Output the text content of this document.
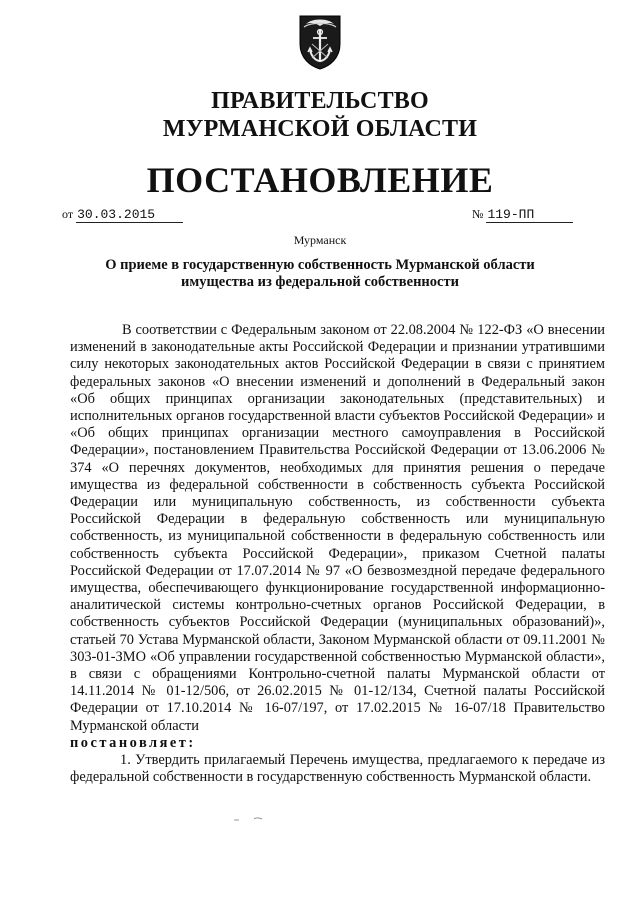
ПРАВИТЕЛЬСТВО
МУРМАНСКОЙ ОБЛАСТИ
ПОСТАНОВЛЕНИЕ
от 30.03.2015	№ 119-ПП
Мурманск
О приеме в государственную собственность Мурманской области имущества из федеральной собственности

В соответствии с Федеральным законом от 22.08.2004 № 122-ФЗ «О внесении изменений в законодательные акты Российской Федерации и признании утратившими силу некоторых законодательных актов Российской Федерации в связи с принятием федеральных законов «О внесении изменений и дополнений в Федеральный закон «Об общих принципах организации законодательных (представительных) и исполнительных органов государственной власти субъектов Российской Федерации» и «Об общих принципах организации местного самоуправления в Российской Федерации», постановлением Правительства Российской Федерации от 13.06.2006 № 374 «О перечнях документов, необходимых для принятия решения о передаче имущества из федеральной собственности в собственность субъекта Российской Федерации или муниципальную собственность, из собственности субъекта Российской Федерации в федеральную собственность или муниципальную собственность, из муниципальной собственности в федеральную собственность или собственность субъекта Российской Федерации», приказом Счетной палаты Российской Федерации от 17.07.2014 № 97 «О безвозмездной передаче федерального имущества, обеспечивающего функционирование государственной информационно-аналитической системы контрольно-счетных органов Российской Федерации, в собственность субъектов Российской Федерации (муниципальных образований)», статьей 70 Устава Мурманской области, Законом Мурманской области от 09.11.2001 № 303-01-ЗМО «Об управлении государственной собственностью Мурманской области», в связи с обращениями Контрольно-счетной палаты Мурманской области от 14.11.2014 № 01-12/506, от 26.02.2015 № 01-12/134, Счетной палаты Российской Федерации от 17.10.2014 № 16-07/197, от 17.02.2015 № 16-07/18 Правительство Мурманской области

постановляет:

1. Утвердить прилагаемый Перечень имущества, предлагаемого к передаче из федеральной собственности в государственную собственность Мурманской области.
